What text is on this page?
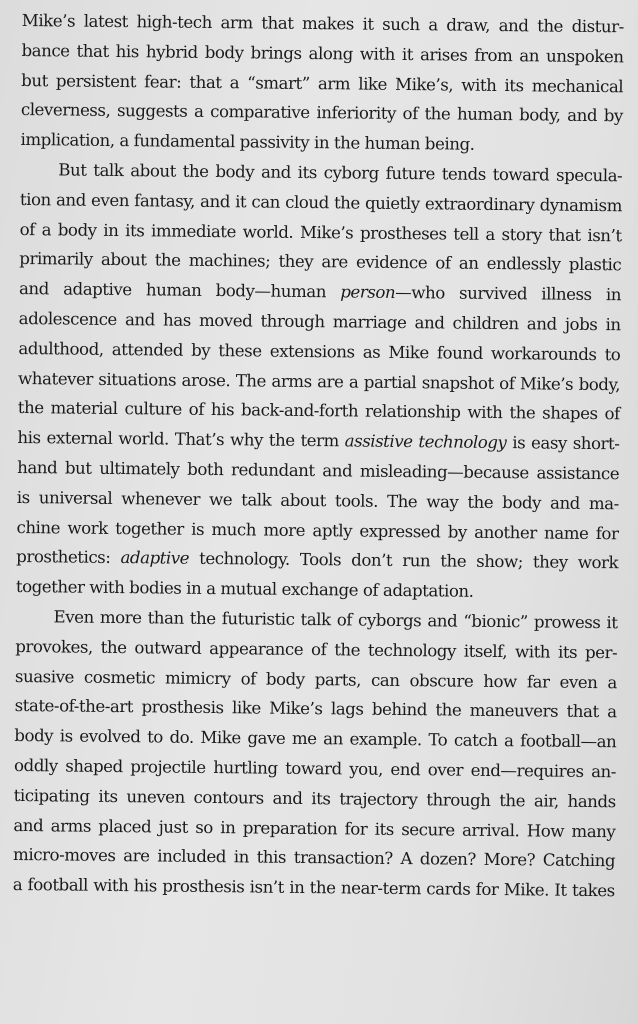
Mike’s latest high-tech arm that makes it such a draw, and the distur-
bance that his hybrid body brings along with it arises from an unspoken
but persistent fear: that a “smart” arm like Mike’s, with its mechanical
cleverness, suggests a comparative inferiority of the human body, and by
implication, a fundamental passivity in the human being.
But talk about the body and its cyborg future tends toward specula-
tion and even fantasy, and it can cloud the quietly extraordinary dynamism
of a body in its immediate world. Mike’s prostheses tell a story that isn’t
primarily about the machines; they are evidence of an endlessly plastic
and adaptive human body—human person—who survived illness in
adolescence and has moved through marriage and children and jobs in
adulthood, attended by these extensions as Mike found workarounds to
whatever situations arose. The arms are a partial snapshot of Mike’s body,
the material culture of his back-and-forth relationship with the shapes of
his external world. That’s why the term assistive technology is easy short-
hand but ultimately both redundant and misleading—because assistance
is universal whenever we talk about tools. The way the body and ma-
chine work together is much more aptly expressed by another name for
prosthetics: adaptive technology. Tools don’t run the show; they work
together with bodies in a mutual exchange of adaptation.
Even more than the futuristic talk of cyborgs and “bionic” prowess it
provokes, the outward appearance of the technology itself, with its per-
suasive cosmetic mimicry of body parts, can obscure how far even a
state-of-the-art prosthesis like Mike’s lags behind the maneuvers that a
body is evolved to do. Mike gave me an example. To catch a football—an
oddly shaped projectile hurtling toward you, end over end—requires an-
ticipating its uneven contours and its trajectory through the air, hands
and arms placed just so in preparation for its secure arrival. How many
micro-moves are included in this transaction? A dozen? More? Catching
a football with his prosthesis isn’t in the near-term cards for Mike. It takes
